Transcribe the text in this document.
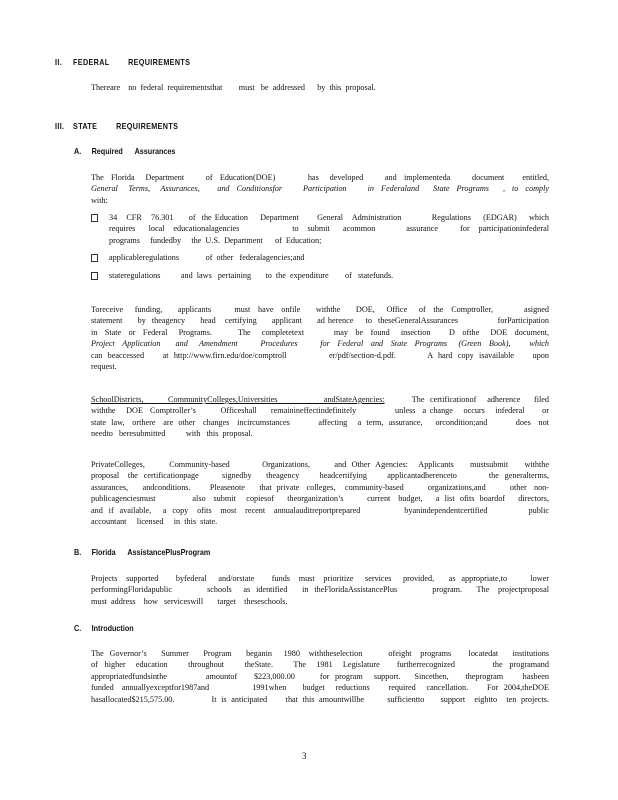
II. FEDERAL        REQUIREMENTS
Thereare    no  federal  requirementsthat        must   be  addressed      by  this  proposal.
III. STATE        REQUIREMENTS
A. Required      Assurances
The  Florida   Department      of  Education(DOE)         has   developed      and  implementeda      document     entitled,
General   Terms,   Assurances,     and  Conditionsfor      Participation      in  Federaland    State  Programs    ,  to  comply
with:
34   CFR   76.301     of  the Education    Department      General   Administration          Regulations    (EDGAR)    which
requires   local  educationalagencies            to  submit   acommon       assurance     for  participationinfederal
programs     fundedby     the  U.S.  Department      of  Education;
applicableregulations             of  other   federalagencies;and
stateregulations          and  laws   pertaining       to  the  expenditure        of   statefunds.
Toreceive   funding,    applicants      must  have  onfile    withthe    DOE,   Office   of  the  Comptroller,        asigned
statement     by  theagency     head   certifying     applicant     ad herence    to  theseGeneralAssurances             forParticipation
in  State  or  Federal   Programs.       The   completetext        may  be  found   insection     D  ofthe   DOE  document,
Project  Application    and   Amendment      Procedures      for  Federal  and  State  Programs   (Green  Book),     which
can  beaccessed       at  http://www.firn.edu/doe/comptroll                er/pdf/section-d.pdf.            A  hard  copy  isavailable       upon
request.
SchoolDistricts,         CommunityColleges,Universities                 andStateAgencies:	The  certificationof    adherence     filed
withthe   DOE  Comptroller’s       Officeshall    remainineffectindefinitely           unless  a change   occurs   infederal     or
state  law,   orthere   are  other   changes   incircumstances           affecting    a  term,  assurance,     orcondition;and           does   not
needto   beresubmitted          with   this  proposal.
PrivateColleges,         Community-based            Organizations,         and  Other  Agencies:    Applicants      mustsubmit      withthe
proposal   the  certificationpage        signedby     theagency       headcertifying       applicantadherenceto           the  generalterms,
assurances,      andconditions.        Pleasenote      that  private   colleges,    community-based          organizations,and          other   non-
publicagenciesmust              also   submit    copiesof     theorganization’s         current   budget,     a  list  ofits  boardof     directors,
and  if  available,    a  copy   ofits   most   recent   annualauditreportprepared               byanindependentcertified              public
accountant     licensed     in  this  state.
B. Florida      AssistancePlusProgram
Projects   supported      byfederal    and/orstate      funds   must   prioritize    services    provided,     as  appropriate,to        lower
performingFloridapublic            schools    as  identified     in  theFloridaAssistancePlus            program.     The   projectproposal
must  address    how   serviceswill       target    theseschools.
C. Introduction
The  Governor’s     Summer     Program     beganin    1980   withtheselection         ofeight   programs      locatedat     institutions
of  higher   education      throughout      theState.      The   1981   Legislature     furtherrecognized           the  programand
appropriatedfundsinthe              amountof      $223,000.00         for  program    support.     Sincethen,      theprogram       hasbeen
funded   annuallyexceptfor1987and                1991when      budget    reductions       required    cancellation.       For  2004,theDOE
hasallocated$215,575.00.                It  is  anticipated        that  this  amountwillbe          sufficientto       support    eightto    ten  projects.
3
